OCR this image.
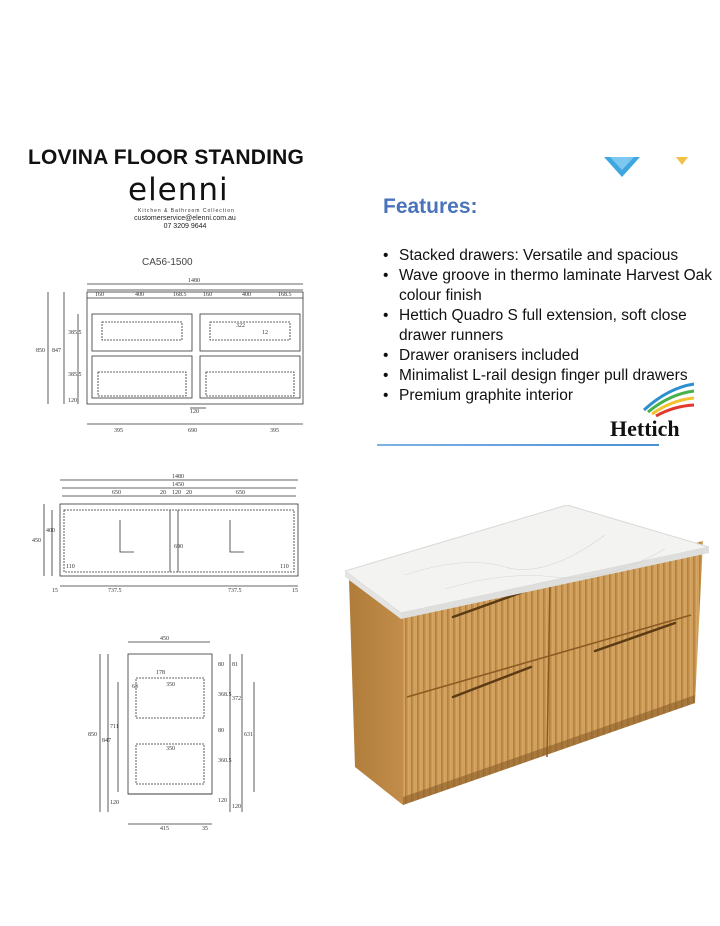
LOVINA FLOOR STANDING
elenni
Kitchen & Bathroom Collection
customerservice@elenni.com.au
07 3209 9644
CA56-1500
1480
160	400	168.5	160	400	168.5
850 847
385.5
385.5
120
322
12
395	690	395
120
1480
1450
650	20 120 20	650
450
400
110
690
110
15	737.5	737.5	15
450
178
350
63
350
80
368.5
80
360.5
120
81
372
631
120
850
847
711
120
415	35
Features:
• Stacked drawers: Versatile and spacious
• Wave groove in thermo laminate Harvest Oak colour finish
• Hettich Quadro S full extension, soft close drawer runners
• Drawer oranisers included
• Minimalist L-rail design finger pull drawers
• Premium graphite interior
Hettich
